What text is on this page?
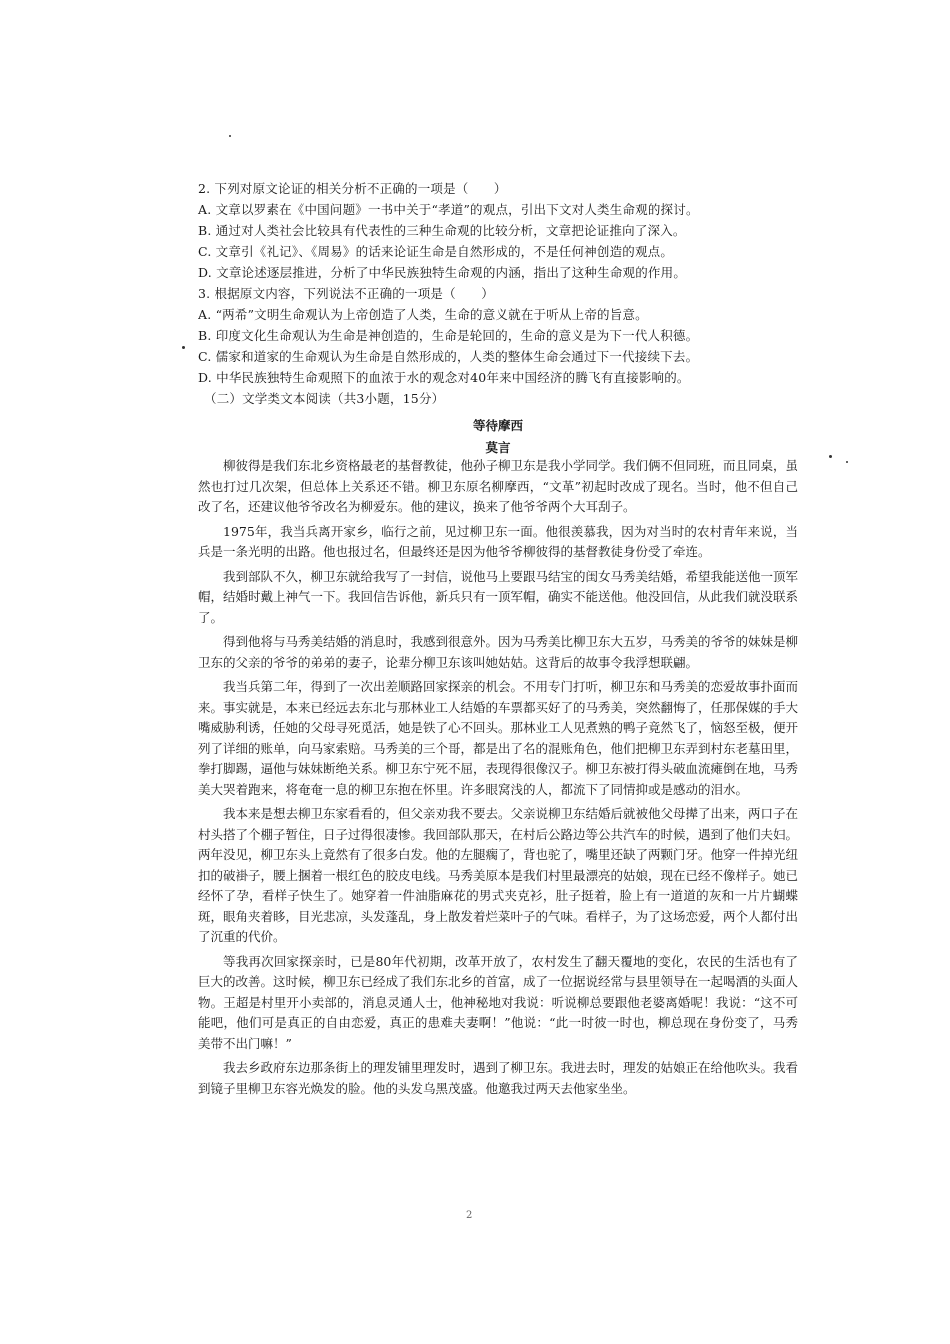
2. 下列对原文论证的相关分析不正确的一项是（　　）
A. 文章以罗素在《中国问题》一书中关于“孝道”的观点，引出下文对人类生命观的探讨。
B. 通过对人类社会比较具有代表性的三种生命观的比较分析，文章把论证推向了深入。
C. 文章引《礼记》、《周易》的话来论证生命是自然形成的，不是任何神创造的观点。
D. 文章论述逐层推进，分析了中华民族独特生命观的内涵，指出了这种生命观的作用。
3. 根据原文内容，下列说法不正确的一项是（　　）
A. “两希”文明生命观认为上帝创造了人类，生命的意义就在于听从上帝的旨意。
B. 印度文化生命观认为生命是神创造的，生命是轮回的，生命的意义是为下一代人积德。
C. 儒家和道家的生命观认为生命是自然形成的，人类的整体生命会通过下一代接续下去。
D. 中华民族独特生命观照下的血浓于水的观念对40年来中国经济的腾飞有直接影响的。
（二）文学类文本阅读（共3小题，15分）
等待摩西
莫言

柳彼得是我们东北乡资格最老的基督教徒，他孙子柳卫东是我小学同学。我们俩不但同班，而且同桌，虽然也打过几次架，但总体上关系还不错。柳卫东原名柳摩西，“文革”初起时改成了现名。当时，他不但自己改了名，还建议他爷爷改名为柳爱东。他的建议，换来了他爷爷两个大耳刮子。

1975年，我当兵离开家乡，临行之前，见过柳卫东一面。他很羡慕我，因为对当时的农村青年来说，当兵是一条光明的出路。他也报过名，但最终还是因为他爷爷柳彼得的基督教徒身份受了牵连。

我到部队不久，柳卫东就给我写了一封信，说他马上要跟马结宝的闺女马秀美结婚，希望我能送他一顶军帽，结婚时戴上神气一下。我回信告诉他，新兵只有一顶军帽，确实不能送他。他没回信，从此我们就没联系了。

得到他将与马秀美结婚的消息时，我感到很意外。因为马秀美比柳卫东大五岁，马秀美的爷爷的妹妹是柳卫东的父亲的爷爷的弟弟的妻子，论辈分柳卫东该叫她姑姑。这背后的故事令我浮想联翩。

我当兵第二年，得到了一次出差顺路回家探亲的机会。不用专门打听，柳卫东和马秀美的恋爱故事扑面而来。事实就是，本来已经远去东北与那林业工人结婚的车票都买好了的马秀美，突然翻悔了，任那保媒的手大嘴威胁利诱，任她的父母寻死觅活，她是铁了心不回头。那林业工人见煮熟的鸭子竟然飞了，恼怒至极，便开列了详细的账单，向马家索赔。马秀美的三个哥，都是出了名的混账角色，他们把柳卫东弄到村东老墓田里，拳打脚踢，逼他与妹妹断绝关系。柳卫东宁死不屈，表现得很像汉子。柳卫东被打得头破血流瘫倒在地，马秀美大哭着跑来，将奄奄一息的柳卫东抱在怀里。许多眼窝浅的人，都流下了同情抑或是感动的泪水。

我本来是想去柳卫东家看看的，但父亲劝我不要去。父亲说柳卫东结婚后就被他父母撵了出来，两口子在村头搭了个棚子暂住，日子过得很凄惨。我回部队那天，在村后公路边等公共汽车的时候，遇到了他们夫妇。两年没见，柳卫东头上竟然有了很多白发。他的左腿瘸了，背也驼了，嘴里还缺了两颗门牙。他穿一件掉光纽扣的破褂子，腰上捆着一根红色的胶皮电线。马秀美原本是我们村里最漂亮的姑娘，现在已经不像样子。她已经怀了孕，看样子快生了。她穿着一件油脂麻花的男式夹克衫，肚子挺着，脸上有一道道的灰和一片片蝴蝶斑，眼角夹着眵，目光悲凉，头发蓬乱，身上散发着烂菜叶子的气味。看样子，为了这场恋爱，两个人都付出了沉重的代价。

等我再次回家探亲时，已是80年代初期，改革开放了，农村发生了翻天覆地的变化，农民的生活也有了巨大的改善。这时候，柳卫东已经成了我们东北乡的首富，成了一位据说经常与县里领导在一起喝酒的头面人物。王超是村里开小卖部的，消息灵通人士，他神秘地对我说：听说柳总要跟他老婆离婚呢！我说：“这不可能吧，他们可是真正的自由恋爱，真正的患难夫妻啊！”他说：“此一时彼一时也，柳总现在身份变了，马秀美带不出门嘛！”

我去乡政府东边那条街上的理发铺里理发时，遇到了柳卫东。我进去时，理发的姑娘正在给他吹头。我看到镜子里柳卫东容光焕发的脸。他的头发乌黑茂盛。他邀我过两天去他家坐坐。

2
